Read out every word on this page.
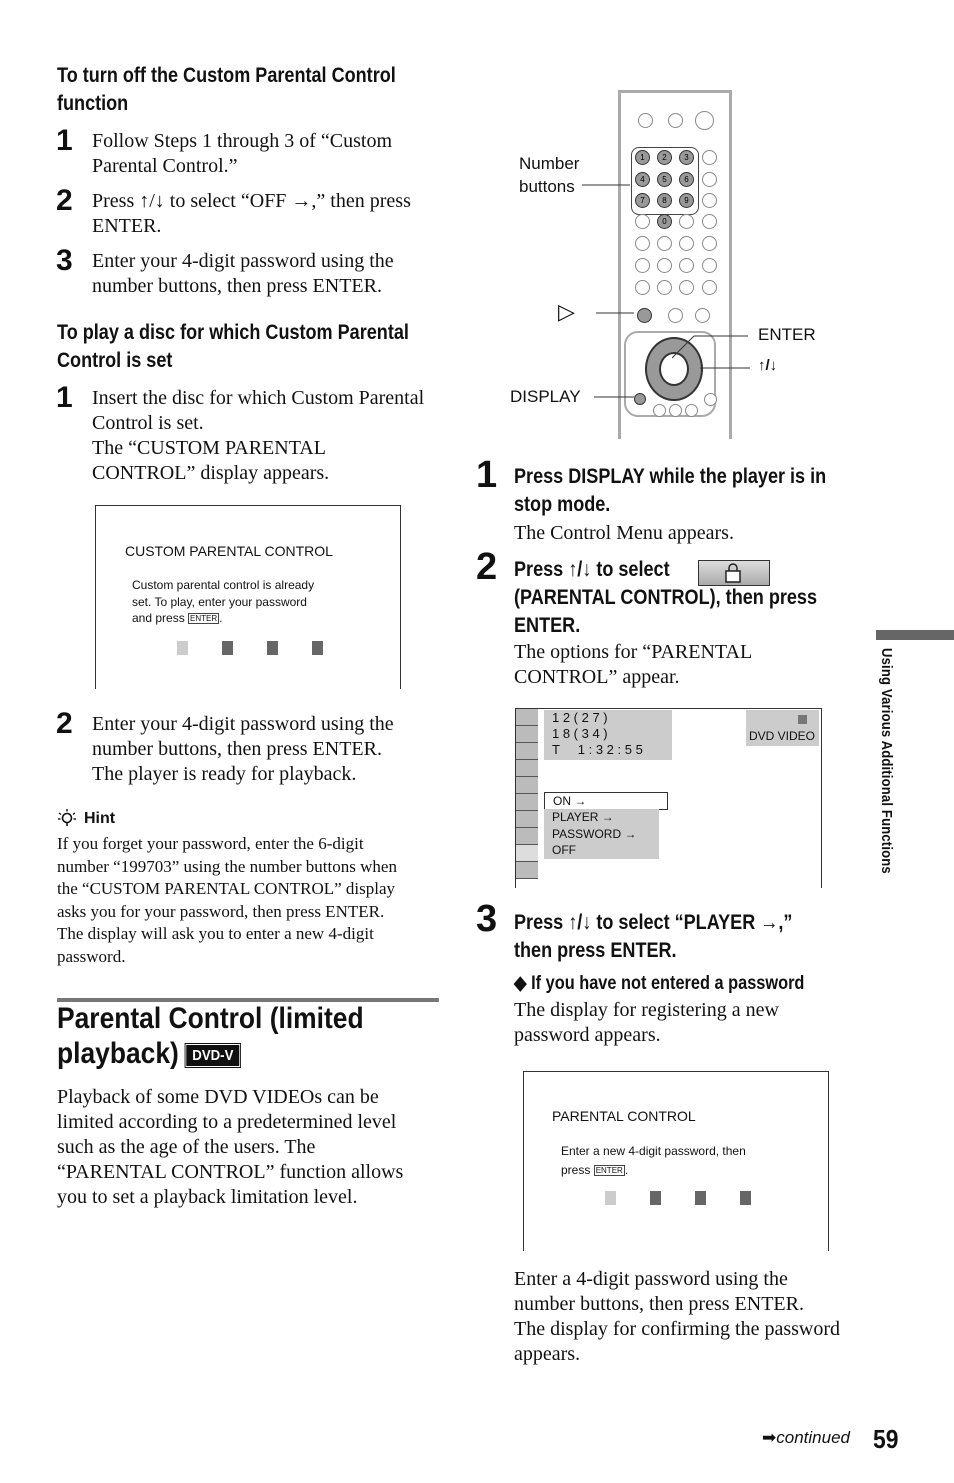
To turn off the Custom Parental Control
function
1 Follow Steps 1 through 3 of “Custom
Parental Control.”
2 Press ↑/↓ to select “OFF →,” then press
ENTER.
3 Enter your 4-digit password using the
number buttons, then press ENTER.
To play a disc for which Custom Parental
Control is set
1 Insert the disc for which Custom Parental
Control is set.
The “CUSTOM PARENTAL
CONTROL” display appears.
CUSTOM PARENTAL CONTROL
Custom parental control is already
set. To play, enter your password
and press ENTER .
2 Enter your 4-digit password using the
number buttons, then press ENTER.
The player is ready for playback.
Hint
If you forget your password, enter the 6-digit
number “199703” using the number buttons when
the “CUSTOM PARENTAL CONTROL” display
asks you for your password, then press ENTER.
The display will ask you to enter a new 4-digit
password.
Parental Control (limited
playback) DVD-V
Playback of some DVD VIDEOs can be
limited according to a predetermined level
such as the age of the users. The
“PARENTAL CONTROL” function allows
you to set a playback limitation level.
1	2	3
4	5	6
7	8	9
0
Number
buttons
▷
ENTER
↑/↓
DISPLAY
1 Press DISPLAY while the player is in
stop mode.
The Control Menu appears.
2 Press ↑/↓ to select
(PARENTAL CONTROL), then press
ENTER.
The options for “PARENTAL
CONTROL” appear.
1 2 ( 2 7 )
1 8 ( 3 4 )
T     1 : 3 2 : 5 5
DVD VIDEO
ON →
PLAYER →
PASSWORD →
OFF
3 Press ↑/↓ to select “PLAYER →,”
then press ENTER.
◆ If you have not entered a password
The display for registering a new
password appears.
PARENTAL CONTROL
Enter a new 4-digit password, then
press ENTER .
Enter a 4-digit password using the
number buttons, then press ENTER.
The display for confirming the password
appears.
Using Various Additional Functions
➡continued 59
